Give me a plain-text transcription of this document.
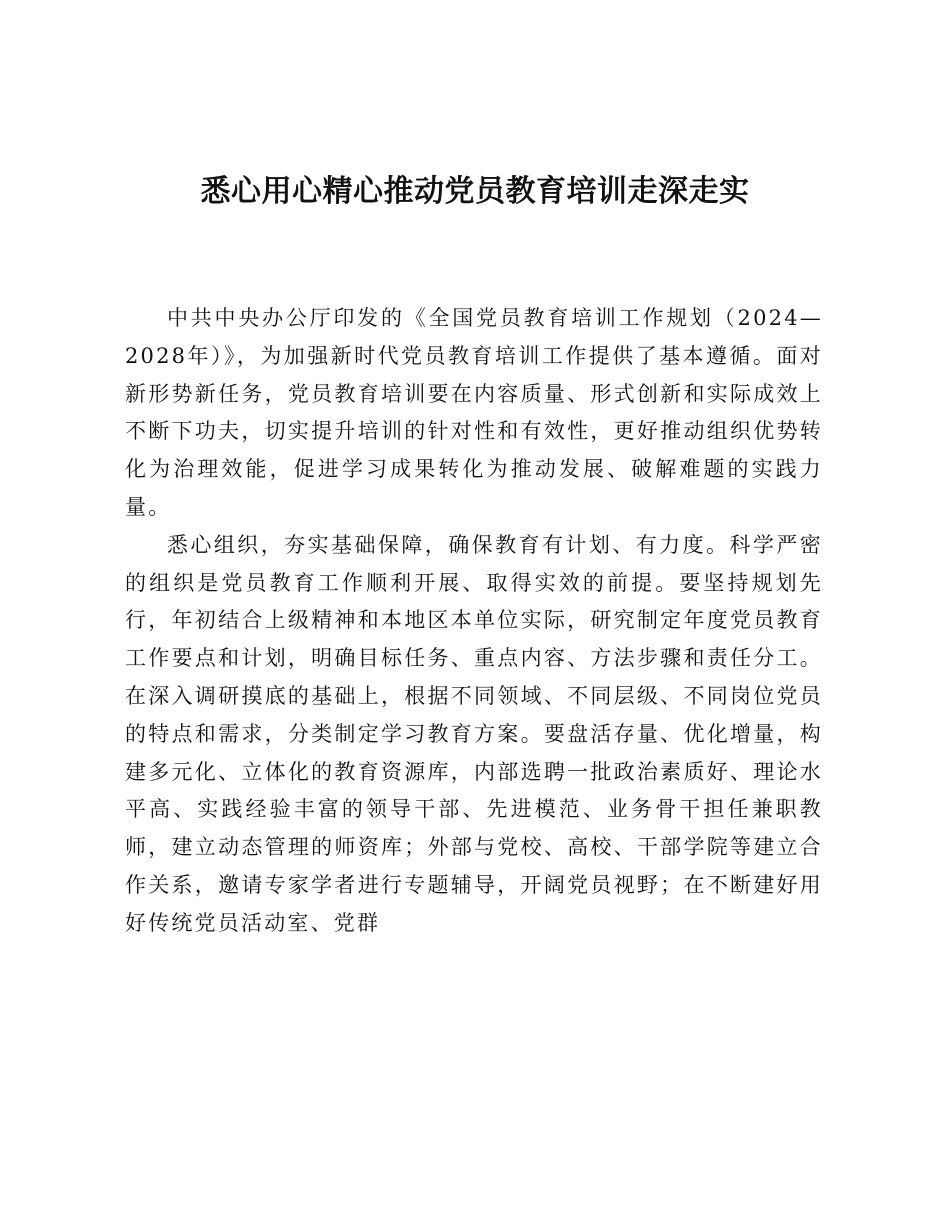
悉心用心精心推动党员教育培训走深走实

中共中央办公厅印发的《全国党员教育培训工作规划（2024—2028年）》，为加强新时代党员教育培训工作提供了基本遵循。面对新形势新任务，党员教育培训要在内容质量、形式创新和实际成效上不断下功夫，切实提升培训的针对性和有效性，更好推动组织优势转化为治理效能，促进学习成果转化为推动发展、破解难题的实践力量。

悉心组织，夯实基础保障，确保教育有计划、有力度。科学严密的组织是党员教育工作顺利开展、取得实效的前提。要坚持规划先行，年初结合上级精神和本地区本单位实际，研究制定年度党员教育工作要点和计划，明确目标任务、重点内容、方法步骤和责任分工。在深入调研摸底的基础上，根据不同领域、不同层级、不同岗位党员的特点和需求，分类制定学习教育方案。要盘活存量、优化增量，构建多元化、立体化的教育资源库，内部选聘一批政治素质好、理论水平高、实践经验丰富的领导干部、先进模范、业务骨干担任兼职教师，建立动态管理的师资库；外部与党校、高校、干部学院等建立合作关系，邀请专家学者进行专题辅导，开阔党员视野；在不断建好用好传统党员活动室、党群
